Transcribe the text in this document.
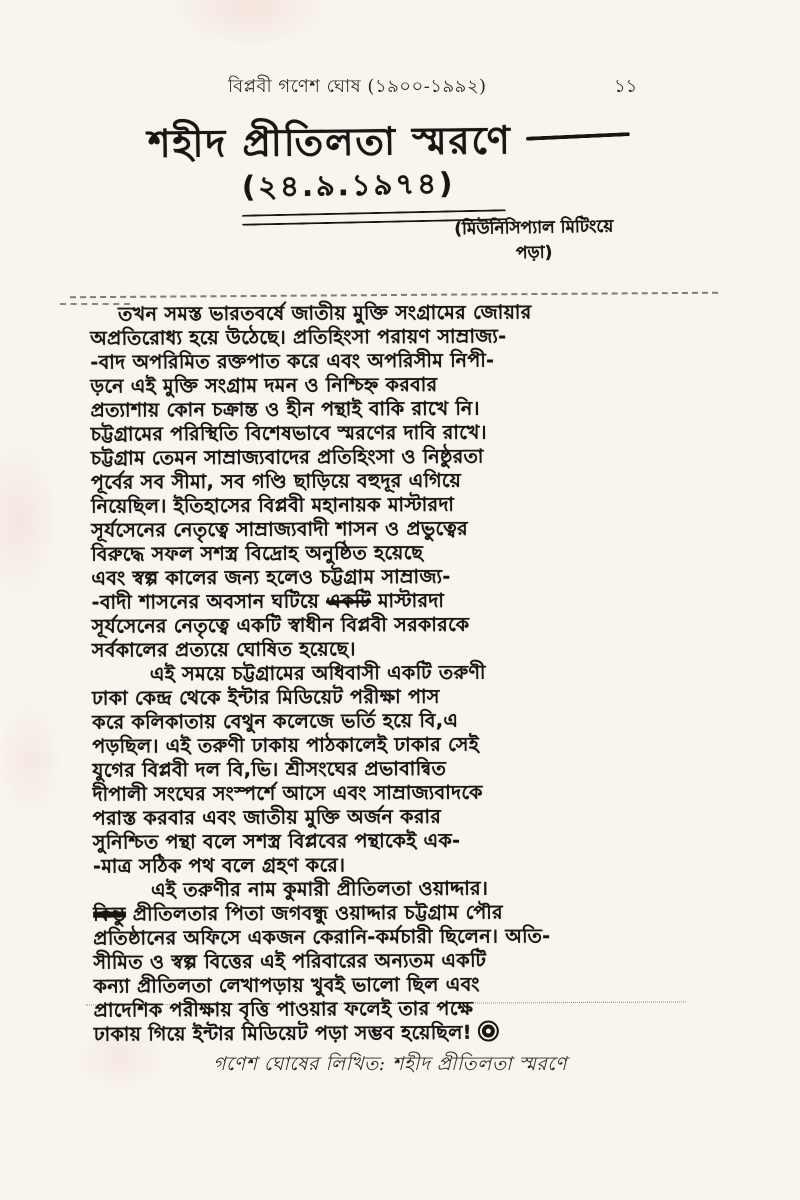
বিপ্লবী গণেশ ঘোষ (১৯০০-১৯৯২)	১১
শহীদ প্রীতিলতা স্মরণে
(২৪.৯.১৯৭৪)
(মিউনিসিপ্যাল মিটিংয়ে
পড়া)
তখন সমস্ত ভারতবর্ষে জাতীয় মুক্তি সংগ্রামের জোয়ার
অপ্রতিরোধ্য হয়ে উঠেছে। প্রতিহিংসা পরায়ণ সাম্রাজ্য-
-বাদ অপরিমিত রক্তপাত করে এবং অপরিসীম নিপী-
ড়নে এই মুক্তি সংগ্রাম দমন ও নিশ্চিহ্ন করবার
প্রত্যাশায় কোন চক্রান্ত ও হীন পন্থাই বাকি রাখে নি।
চট্টগ্রামের পরিস্থিতি বিশেষভাবে স্মরণের দাবি রাখে।
চট্টগ্রাম তেমন সাম্রাজ্যবাদের প্রতিহিংসা ও নিষ্ঠুরতা
পূর্বের সব সীমা, সব গণ্ডি ছাড়িয়ে বহুদূর এগিয়ে
নিয়েছিল। ইতিহাসের বিপ্লবী মহানায়ক মাস্টারদা
সূর্যসেনের নেতৃত্বে সাম্রাজ্যবাদী শাসন ও প্রভুত্বের
বিরুদ্ধে সফল সশস্ত্র বিদ্রোহ অনুষ্ঠিত হয়েছে
এবং স্বল্প কালের জন্য হলেও চট্টগ্রাম সাম্রাজ্য-
-বাদী শাসনের অবসান ঘটিয়ে একটি মাস্টারদা
সূর্যসেনের নেতৃত্বে একটি স্বাধীন বিপ্লবী সরকারকে
সর্বকালের প্রত্যয়ে ঘোষিত হয়েছে।
এই সময়ে চট্টগ্রামের অধিবাসী একটি তরুণী
ঢাকা কেন্দ্র থেকে ইন্টার মিডিয়েট পরীক্ষা পাস
করে কলিকাতায় বেথুন কলেজে ভর্তি হয়ে বি,এ
পড়ছিল। এই তরুণী ঢাকায় পাঠকালেই ঢাকার সেই
যুগের বিপ্লবী দল বি,ভি। শ্রীসংঘের প্রভাবান্বিত
দীপালী সংঘের সংস্পর্শে আসে এবং সাম্রাজ্যবাদকে
পরাস্ত করবার এবং জাতীয় মুক্তি অর্জন করার
সুনিশ্চিত পন্থা বলে সশস্ত্র বিপ্লবের পন্থাকেই এক-
-মাত্র সঠিক পথ বলে গ্রহণ করে।
এই তরুণীর নাম কুমারী প্রীতিলতা ওয়াদ্দার।
কিন্তু প্রীতিলতার পিতা জগবন্ধু ওয়াদ্দার চট্টগ্রাম পৌর
প্রতিষ্ঠানের অফিসে একজন কেরানি-কর্মচারী ছিলেন। অতি-
সীমিত ও স্বল্প বিত্তের এই পরিবারের অন্যতম একটি
কন্যা প্রীতিলতা লেখাপড়ায় খুবই ভালো ছিল এবং
প্রাদেশিক পরীক্ষায় বৃত্তি পাওয়ার ফলেই তার পক্ষে
ঢাকায় গিয়ে ইন্টার মিডিয়েট পড়া সম্ভব হয়েছিল!
গণেশ ঘোষের লিখিত: শহীদ প্রীতিলতা স্মরণে
